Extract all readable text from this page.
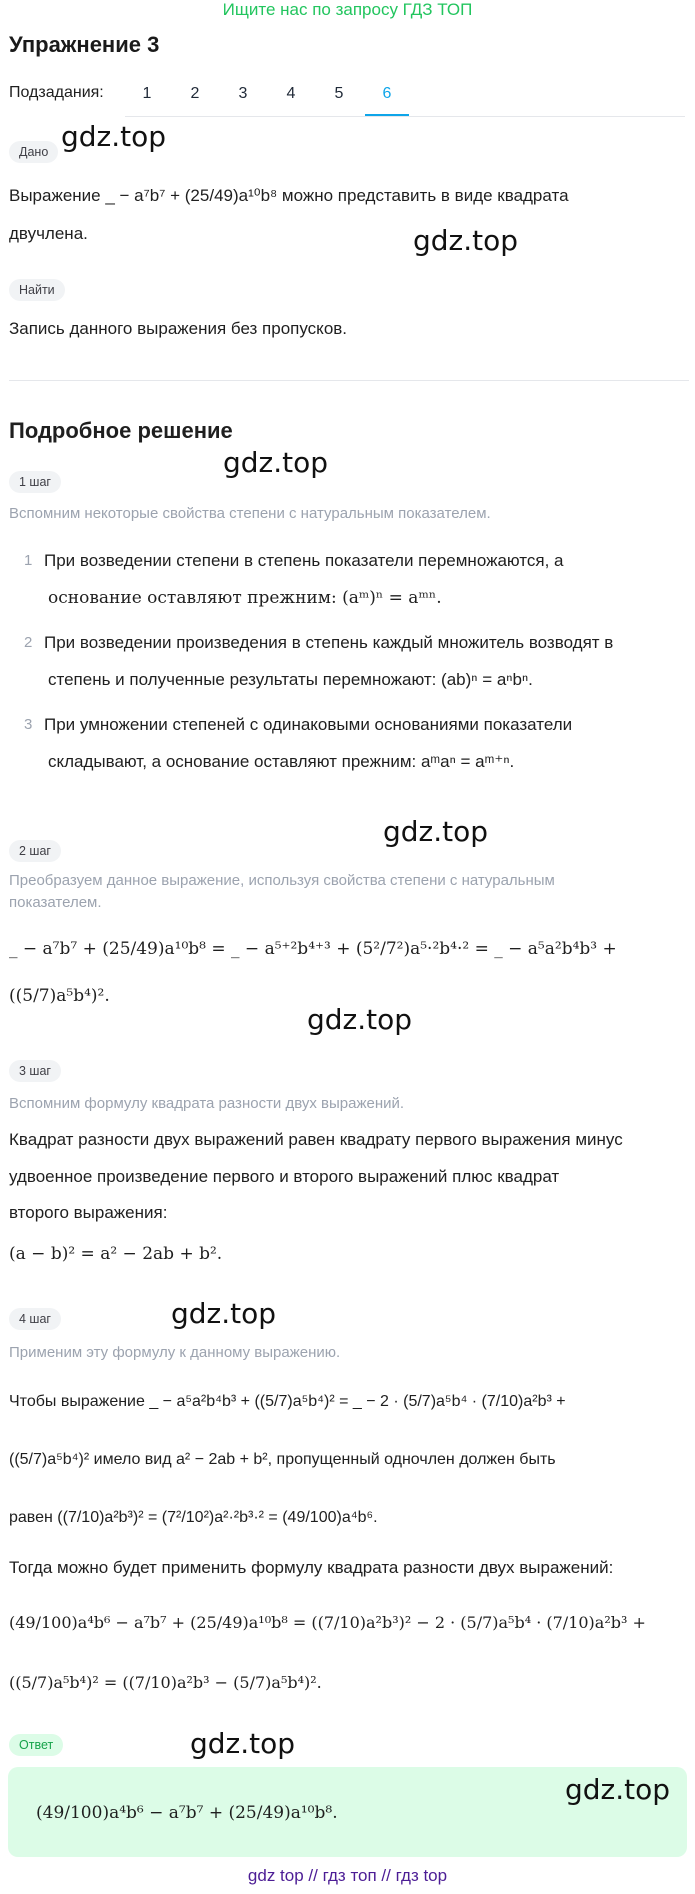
Ищите нас по запросу ГДЗ ТОП
Упражнение 3
Подзадания:	1	2	3	4	5	6
Дано gdz.top
Выражение _ − a⁷b⁷ + (25/49)a¹⁰b⁸ можно представить в виде квадрата
двучлена.	gdz.top
Найти
Запись данного выражения без пропусков.
Подробное решение
gdz.top
1 шаг
Вспомним некоторые свойства степени с натуральным показателем.
1 При возведении степени в степень показатели перемножаются, а
основание оставляют прежним: (aᵐ)ⁿ = aᵐⁿ.
2 При возведении произведения в степень каждый множитель возводят в
степень и полученные результаты перемножают: (ab)ⁿ = aⁿbⁿ.
3 При умножении степеней с одинаковыми основаниями показатели
складывают, а основание оставляют прежним: aᵐaⁿ = aᵐ⁺ⁿ.
gdz.top
2 шаг
Преобразуем данное выражение, используя свойства степени с натуральным
показателем.
_ − a⁷b⁷ + (25/49)a¹⁰b⁸ = _ − a⁵⁺²b⁴⁺³ + (5²/7²)a⁵·²b⁴·² = _ − a⁵a²b⁴b³ +
((5/7)a⁵b⁴)².
gdz.top
3 шаг
Вспомним формулу квадрата разности двух выражений.
Квадрат разности двух выражений равен квадрату первого выражения минус
удвоенное произведение первого и второго выражений плюс квадрат
второго выражения:
(a − b)² = a² − 2ab + b².
4 шаг	gdz.top
Применим эту формулу к данному выражению.
Чтобы выражение _ − a⁵a²b⁴b³ + ((5/7)a⁵b⁴)² = _ − 2 · (5/7)a⁵b⁴ · (7/10)a²b³ +
((5/7)a⁵b⁴)² имело вид a² − 2ab + b², пропущенный одночлен должен быть
равен ((7/10)a²b³)² = (7²/10²)a²·²b³·² = (49/100)a⁴b⁶.
Тогда можно будет применить формулу квадрата разности двух выражений:
(49/100)a⁴b⁶ − a⁷b⁷ + (25/49)a¹⁰b⁸ = ((7/10)a²b³)² − 2 · (5/7)a⁵b⁴ · (7/10)a²b³ +
((5/7)a⁵b⁴)² = ((7/10)a²b³ − (5/7)a⁵b⁴)².
Ответ	gdz.top
(49/100)a⁴b⁶ − a⁷b⁷ + (25/49)a¹⁰b⁸.
gdz.top
gdz top // гдз топ // гдз top
